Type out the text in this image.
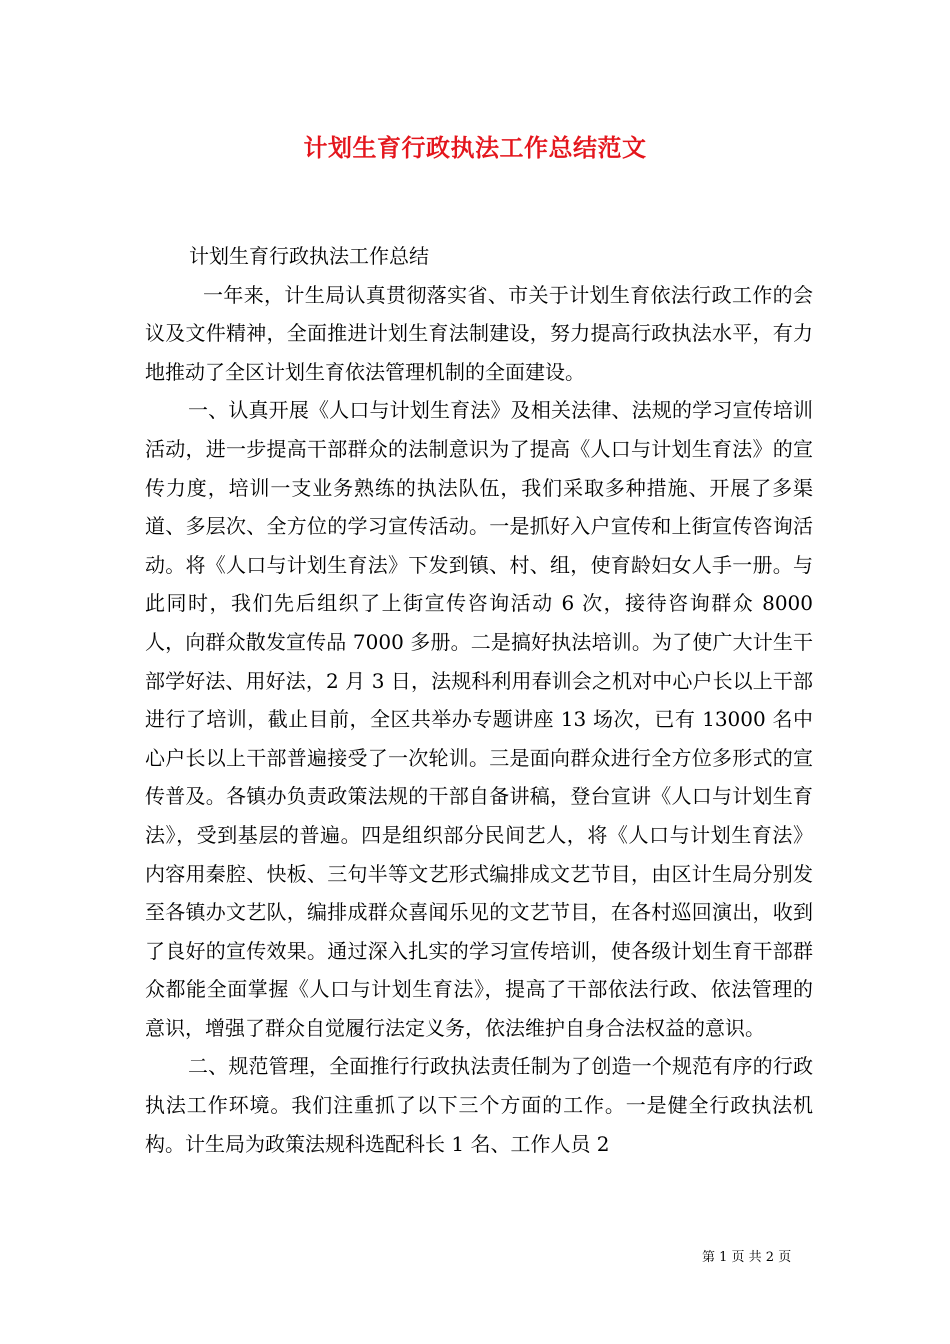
计划生育行政执法工作总结范文

计划生育行政执法工作总结

一年来，计生局认真贯彻落实省、市关于计划生育依法行政工作的会议及文件精神，全面推进计划生育法制建设，努力提高行政执法水平，有力地推动了全区计划生育依法管理机制的全面建设。

一、认真开展《人口与计划生育法》及相关法律、法规的学习宣传培训活动，进一步提高干部群众的法制意识为了提高《人口与计划生育法》的宣传力度，培训一支业务熟练的执法队伍，我们采取多种措施、开展了多渠道、多层次、全方位的学习宣传活动。一是抓好入户宣传和上街宣传咨询活动。将《人口与计划生育法》下发到镇、村、组，使育龄妇女人手一册。与此同时，我们先后组织了上街宣传咨询活动 6 次，接待咨询群众 8000 人，向群众散发宣传品 7000 多册。二是搞好执法培训。为了使广大计生干部学好法、用好法，2 月 3 日，法规科利用春训会之机对中心户长以上干部进行了培训，截止目前，全区共举办专题讲座 13 场次，已有 13000 名中心户长以上干部普遍接受了一次轮训。三是面向群众进行全方位多形式的宣传普及。各镇办负责政策法规的干部自备讲稿，登台宣讲《人口与计划生育法》，受到基层的普遍。四是组织部分民间艺人，将《人口与计划生育法》内容用秦腔、快板、三句半等文艺形式编排成文艺节目，由区计生局分别发至各镇办文艺队，编排成群众喜闻乐见的文艺节目，在各村巡回演出，收到了良好的宣传效果。通过深入扎实的学习宣传培训，使各级计划生育干部群众都能全面掌握《人口与计划生育法》，提高了干部依法行政、依法管理的意识，增强了群众自觉履行法定义务，依法维护自身合法权益的意识。

二、规范管理，全面推行行政执法责任制为了创造一个规范有序的行政执法工作环境。我们注重抓了以下三个方面的工作。一是健全行政执法机构。计生局为政策法规科选配科长 1 名、工作人员 2

第 1 页 共 2 页
